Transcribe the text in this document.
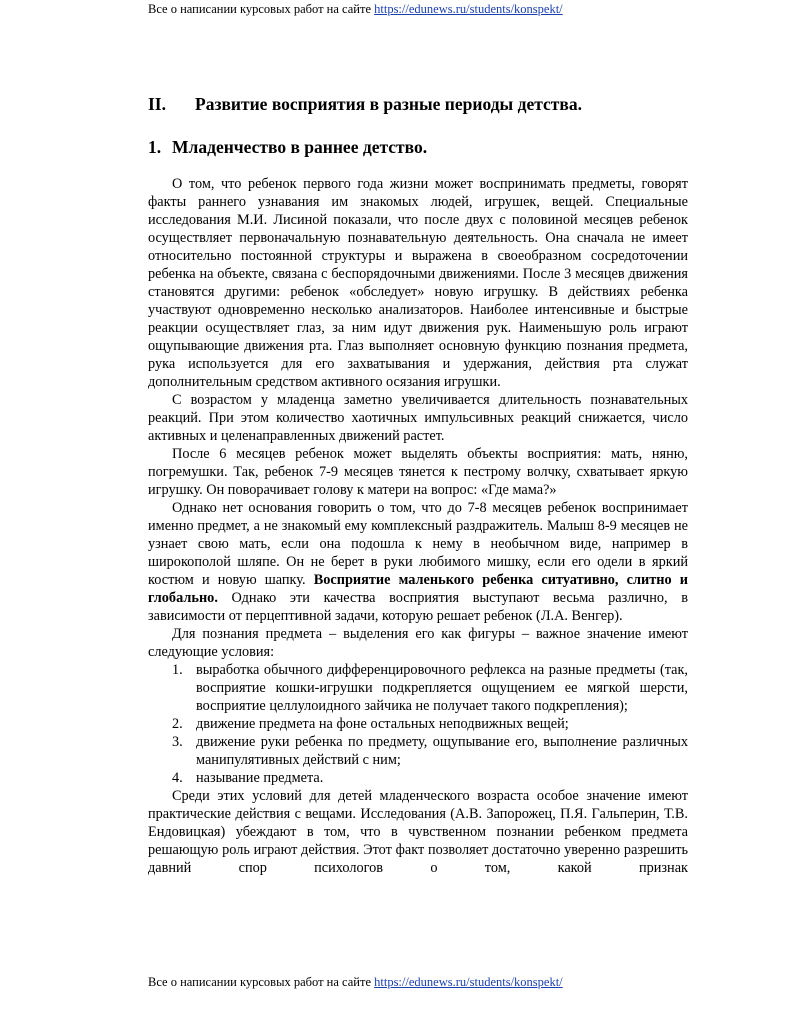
Все о написании курсовых работ на сайте https://edunews.ru/students/konspekt/
II.	Развитие восприятия в разные периоды детства.
1. Младенчество в раннее детство.

О том, что ребенок первого года жизни может воспринимать предметы, говорят факты раннего узнавания им знакомых людей, игрушек, вещей. Специальные исследования М.И. Лисиной показали, что после двух с половиной месяцев ребенок осуществляет первоначальную познавательную деятельность. Она сначала не имеет относительно постоянной структуры и выражена в своеобразном сосредоточении ребенка на объекте, связана с беспорядочными движениями. После 3 месяцев движения становятся другими: ребенок «обследует» новую игрушку. В действиях ребенка участвуют одновременно несколько анализаторов. Наиболее интенсивные и быстрые реакции осуществляет глаз, за ним идут движения рук. Наименьшую роль играют ощупывающие движения рта. Глаз выполняет основную функцию познания предмета, рука используется для его захватывания и удержания, действия рта служат дополнительным средством активного осязания игрушки.

С возрастом у младенца заметно увеличивается длительность познавательных реакций. При этом количество хаотичных импульсивных реакций снижается, число активных и целенаправленных движений растет.

После 6 месяцев ребенок может выделять объекты восприятия: мать, няню, погремушки. Так, ребенок 7-9 месяцев тянется к пестрому волчку, схватывает яркую игрушку. Он поворачивает голову к матери на вопрос: «Где мама?»

Однако нет основания говорить о том, что до 7-8 месяцев ребенок воспринимает именно предмет, а не знакомый ему комплексный раздражитель. Малыш 8-9 месяцев не узнает свою мать, если она подошла к нему в необычном виде, например в широкополой шляпе. Он не берет в руки любимого мишку, если его одели в яркий костюм и новую шапку. Восприятие маленького ребенка ситуативно, слитно и глобально. Однако эти качества восприятия выступают весьма различно, в зависимости от перцептивной задачи, которую решает ребенок (Л.А. Венгер).

Для познания предмета – выделения его как фигуры – важное значение имеют следующие условия:

1. выработка обычного дифференцировочного рефлекса на разные предметы (так, восприятие кошки-игрушки подкрепляется ощущением ее мягкой шерсти, восприятие целлулоидного зайчика не получает такого подкрепления);
2. движение предмета на фоне остальных неподвижных вещей;
3. движение руки ребенка по предмету, ощупывание его, выполнение различных манипулятивных действий с ним;
4. называние предмета.

Среди этих условий для детей младенческого возраста особое значение имеют практические действия с вещами. Исследования (А.В. Запорожец, П.Я. Гальперин, Т.В. Ендовицкая) убеждают в том, что в чувственном познании ребенком предмета решающую роль играют действия. Этот факт позволяет достаточно уверенно разрешить давний спор психологов о том, какой признак

Все о написании курсовых работ на сайте https://edunews.ru/students/konspekt/
